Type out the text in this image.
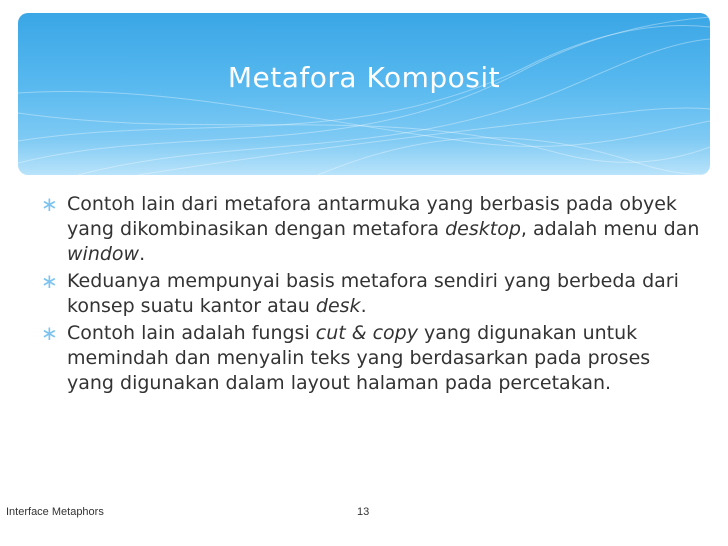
Metafora Komposit
∗ Contoh lain dari metafora antarmuka yang berbasis pada obyek yang dikombinasikan dengan metafora desktop, adalah menu dan window.
∗ Keduanya mempunyai basis metafora sendiri yang berbeda dari konsep suatu kantor atau desk.
∗ Contoh lain adalah fungsi cut & copy yang digunakan untuk memindah dan menyalin teks yang berdasarkan pada proses yang digunakan dalam layout halaman pada percetakan.
Interface Metaphors	13
